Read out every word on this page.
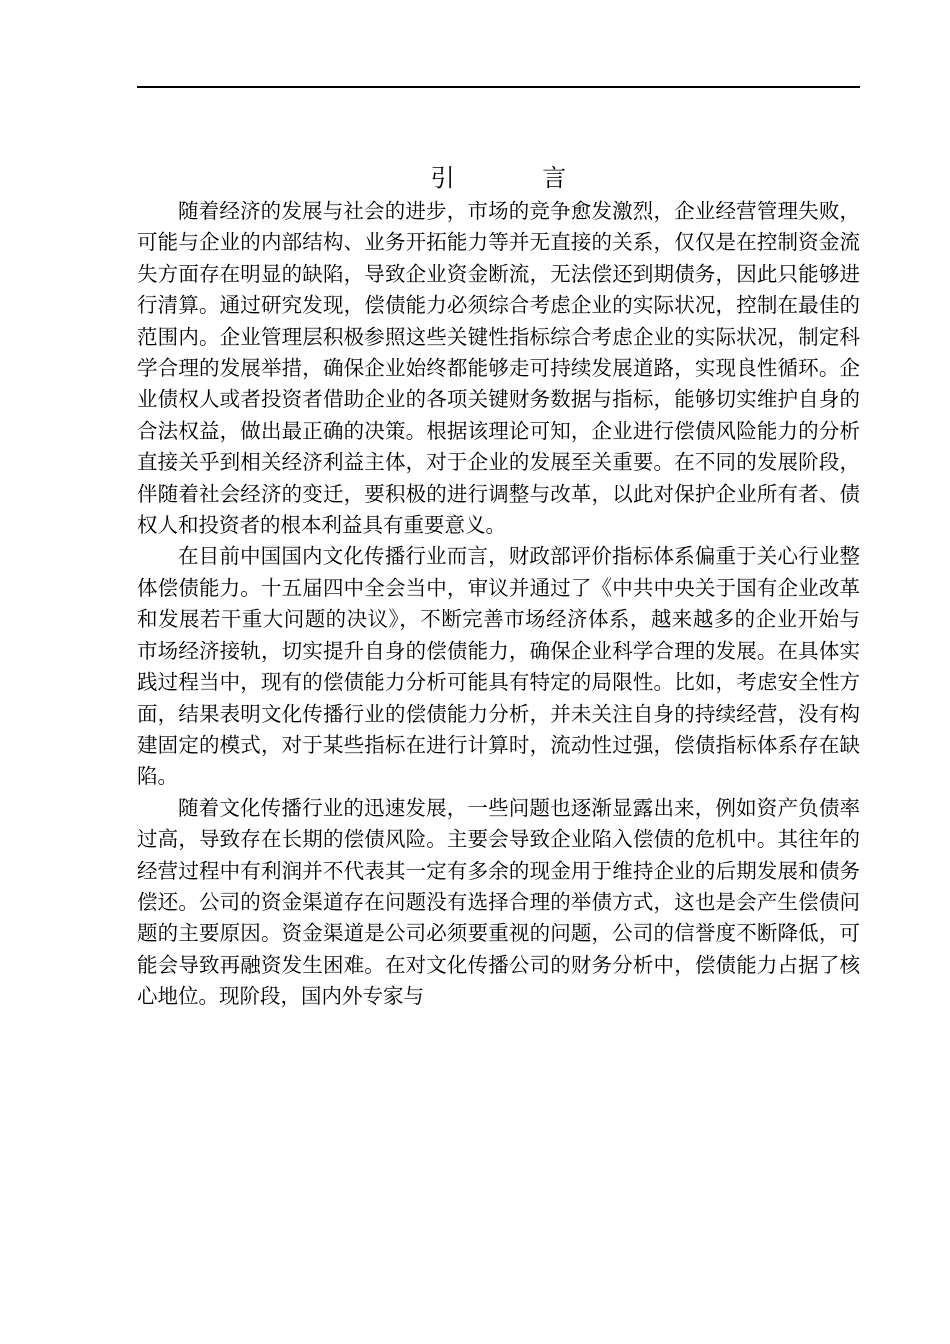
引 言

随着经济的发展与社会的进步，市场的竞争愈发激烈，企业经营管理失败，可能与企业的内部结构、业务开拓能力等并无直接的关系，仅仅是在控制资金流失方面存在明显的缺陷，导致企业资金断流，无法偿还到期债务，因此只能够进行清算。通过研究发现，偿债能力必须综合考虑企业的实际状况，控制在最佳的范围内。企业管理层积极参照这些关键性指标综合考虑企业的实际状况，制定科学合理的发展举措，确保企业始终都能够走可持续发展道路，实现良性循环。企业债权人或者投资者借助企业的各项关键财务数据与指标，能够切实维护自身的合法权益，做出最正确的决策。根据该理论可知，企业进行偿债风险能力的分析直接关乎到相关经济利益主体，对于企业的发展至关重要。在不同的发展阶段，伴随着社会经济的变迁，要积极的进行调整与改革，以此对保护企业所有者、债权人和投资者的根本利益具有重要意义。

在目前中国国内文化传播行业而言，财政部评价指标体系偏重于关心行业整体偿债能力。十五届四中全会当中，审议并通过了《中共中央关于国有企业改革和发展若干重大问题的决议》，不断完善市场经济体系，越来越多的企业开始与市场经济接轨，切实提升自身的偿债能力，确保企业科学合理的发展。在具体实践过程当中，现有的偿债能力分析可能具有特定的局限性。比如，考虑安全性方面，结果表明文化传播行业的偿债能力分析，并未关注自身的持续经营，没有构建固定的模式，对于某些指标在进行计算时，流动性过强，偿债指标体系存在缺陷。

随着文化传播行业的迅速发展，一些问题也逐渐显露出来，例如资产负债率过高，导致存在长期的偿债风险。主要会导致企业陷入偿债的危机中。其往年的经营过程中有利润并不代表其一定有多余的现金用于维持企业的后期发展和债务偿还。公司的资金渠道存在问题没有选择合理的举债方式，这也是会产生偿债问题的主要原因。资金渠道是公司必须要重视的问题，公司的信誉度不断降低，可能会导致再融资发生困难。在对文化传播公司的财务分析中，偿债能力占据了核心地位。现阶段，国内外专家与
